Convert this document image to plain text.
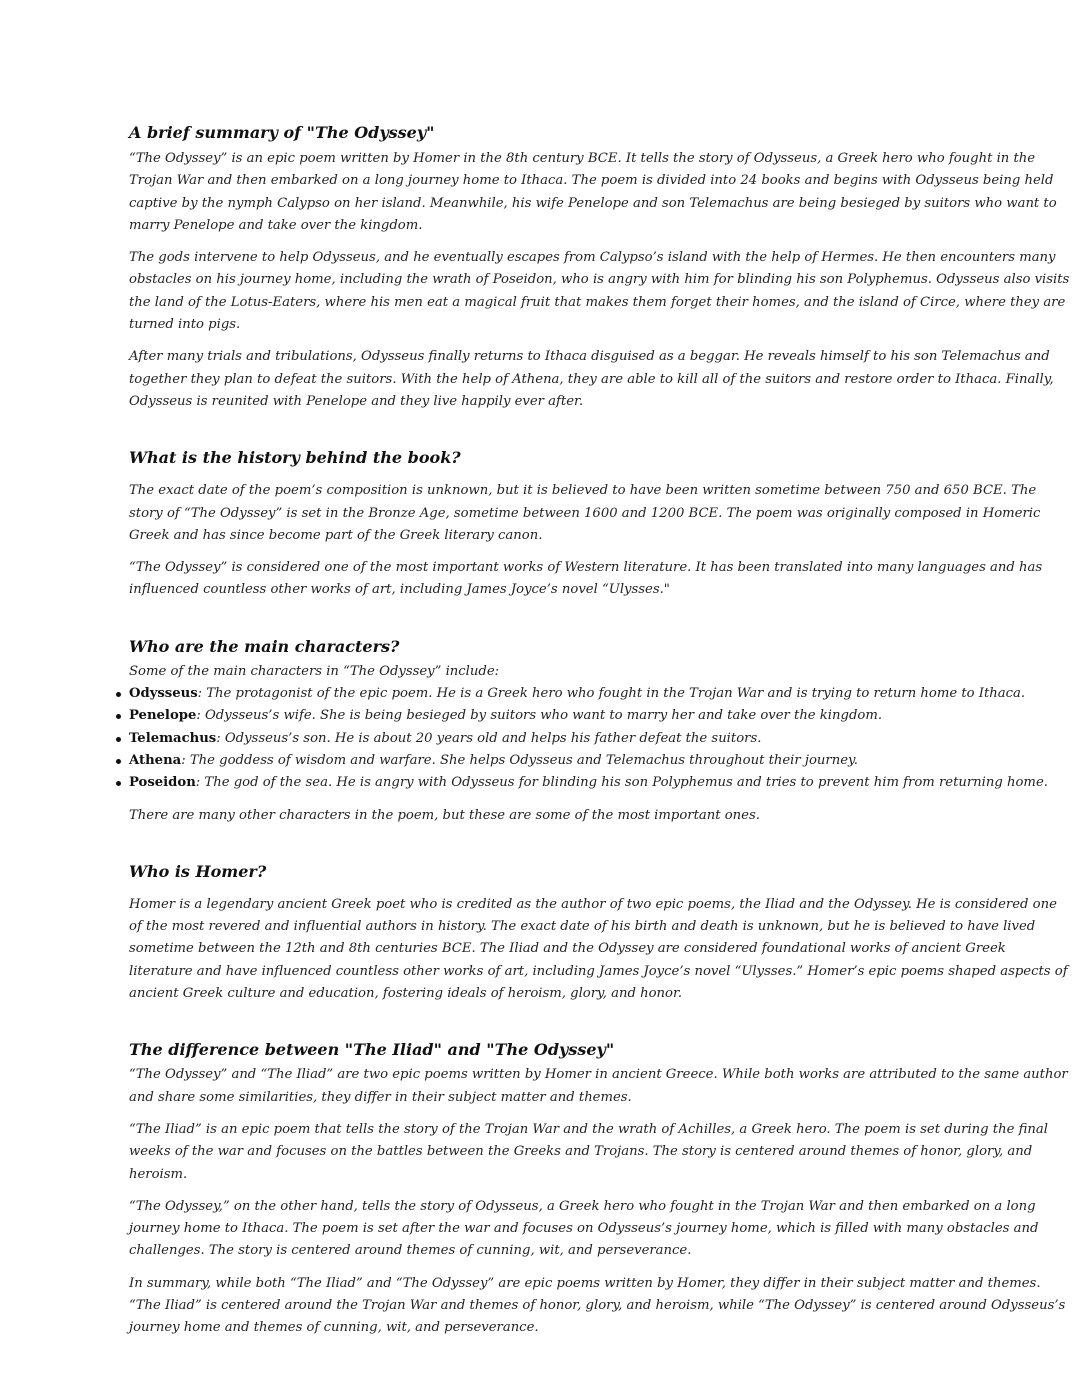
A brief summary of "The Odyssey"

“The Odyssey” is an epic poem written by Homer in the 8th century BCE. It tells the story of Odysseus, a Greek hero who fought in the Trojan War and then embarked on a long journey home to Ithaca. The poem is divided into 24 books and begins with Odysseus being held captive by the nymph Calypso on her island. Meanwhile, his wife Penelope and son Telemachus are being besieged by suitors who want to marry Penelope and take over the kingdom.

The gods intervene to help Odysseus, and he eventually escapes from Calypso’s island with the help of Hermes. He then encounters many obstacles on his journey home, including the wrath of Poseidon, who is angry with him for blinding his son Polyphemus. Odysseus also visits the land of the Lotus-Eaters, where his men eat a magical fruit that makes them forget their homes, and the island of Circe, where they are turned into pigs.

After many trials and tribulations, Odysseus finally returns to Ithaca disguised as a beggar. He reveals himself to his son Telemachus and together they plan to defeat the suitors. With the help of Athena, they are able to kill all of the suitors and restore order to Ithaca. Finally, Odysseus is reunited with Penelope and they live happily ever after.

What is the history behind the book?

The exact date of the poem’s composition is unknown, but it is believed to have been written sometime between 750 and 650 BCE. The story of “The Odyssey” is set in the Bronze Age, sometime between 1600 and 1200 BCE. The poem was originally composed in Homeric Greek and has since become part of the Greek literary canon.

“The Odyssey” is considered one of the most important works of Western literature. It has been translated into many languages and has influenced countless other works of art, including James Joyce’s novel “Ulysses."

Who are the main characters?

Some of the main characters in “The Odyssey” include:

Odysseus: The protagonist of the epic poem. He is a Greek hero who fought in the Trojan War and is trying to return home to Ithaca.
Penelope: Odysseus’s wife. She is being besieged by suitors who want to marry her and take over the kingdom.
Telemachus: Odysseus’s son. He is about 20 years old and helps his father defeat the suitors.
Athena: The goddess of wisdom and warfare. She helps Odysseus and Telemachus throughout their journey.
Poseidon: The god of the sea. He is angry with Odysseus for blinding his son Polyphemus and tries to prevent him from returning home.

There are many other characters in the poem, but these are some of the most important ones.

Who is Homer?

Homer is a legendary ancient Greek poet who is credited as the author of two epic poems, the Iliad and the Odyssey. He is considered one of the most revered and influential authors in history. The exact date of his birth and death is unknown, but he is believed to have lived sometime between the 12th and 8th centuries BCE. The Iliad and the Odyssey are considered foundational works of ancient Greek literature and have influenced countless other works of art, including James Joyce’s novel “Ulysses.” Homer’s epic poems shaped aspects of ancient Greek culture and education, fostering ideals of heroism, glory, and honor.

The difference between "The Iliad" and "The Odyssey"

“The Odyssey” and “The Iliad” are two epic poems written by Homer in ancient Greece. While both works are attributed to the same author and share some similarities, they differ in their subject matter and themes.

“The Iliad” is an epic poem that tells the story of the Trojan War and the wrath of Achilles, a Greek hero. The poem is set during the final weeks of the war and focuses on the battles between the Greeks and Trojans. The story is centered around themes of honor, glory, and heroism.

“The Odyssey,” on the other hand, tells the story of Odysseus, a Greek hero who fought in the Trojan War and then embarked on a long journey home to Ithaca. The poem is set after the war and focuses on Odysseus’s journey home, which is filled with many obstacles and challenges. The story is centered around themes of cunning, wit, and perseverance.

In summary, while both “The Iliad” and “The Odyssey” are epic poems written by Homer, they differ in their subject matter and themes. “The Iliad” is centered around the Trojan War and themes of honor, glory, and heroism, while “The Odyssey” is centered around Odysseus’s journey home and themes of cunning, wit, and perseverance.
